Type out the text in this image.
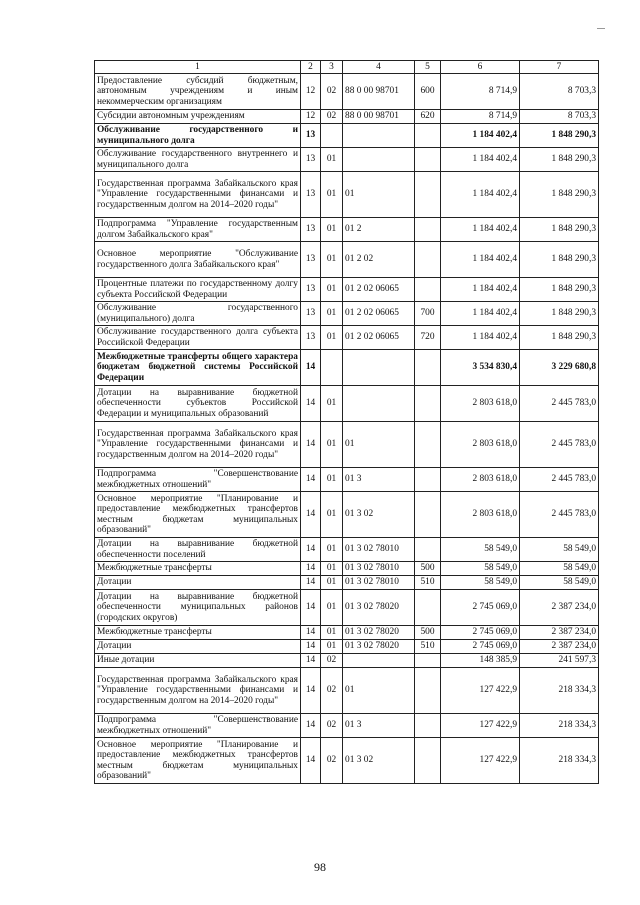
1	2	3	4	5	6	7
Предоставление субсидий бюджетным, автономным учреждениям и иным некоммерческим организациям	12	02	88 0 00 98701	600	8 714,9	8 703,3
Субсидии автономным учреждениям	12	02	88 0 00 98701	620	8 714,9	8 703,3
Обслуживание государственного и муниципального долга	13				1 184 402,4	1 848 290,3
Обслуживание государственного внутреннего и муниципального долга	13	01			1 184 402,4	1 848 290,3
Государственная программа Забайкальского края "Управление государственными финансами и государственным долгом на 2014–2020 годы"	13	01	01		1 184 402,4	1 848 290,3
Подпрограмма "Управление государственным долгом Забайкальского края"	13	01	01 2		1 184 402,4	1 848 290,3
Основное мероприятие "Обслуживание государственного долга Забайкальского края"	13	01	01 2 02		1 184 402,4	1 848 290,3
Процентные платежи по государственному долгу субъекта Российской Федерации	13	01	01 2 02 06065		1 184 402,4	1 848 290,3
Обслуживание государственного (муниципального) долга	13	01	01 2 02 06065	700	1 184 402,4	1 848 290,3
Обслуживание государственного долга субъекта Российской Федерации	13	01	01 2 02 06065	720	1 184 402,4	1 848 290,3
Межбюджетные трансферты общего характера бюджетам бюджетной системы Российской Федерации	14				3 534 830,4	3 229 680,8
Дотации на выравнивание бюджетной обеспеченности субъектов Российской Федерации и муниципальных образований	14	01			2 803 618,0	2 445 783,0
Государственная программа Забайкальского края "Управление государственными финансами и государственным долгом на 2014–2020 годы"	14	01	01		2 803 618,0	2 445 783,0
Подпрограмма "Совершенствование межбюджетных отношений"	14	01	01 3		2 803 618,0	2 445 783,0
Основное мероприятие "Планирование и предоставление межбюджетных трансфертов местным бюджетам муниципальных образований"	14	01	01 3 02		2 803 618,0	2 445 783,0
Дотации на выравнивание бюджетной обеспеченности поселений	14	01	01 3 02 78010		58 549,0	58 549,0
Межбюджетные трансферты	14	01	01 3 02 78010	500	58 549,0	58 549,0
Дотации	14	01	01 3 02 78010	510	58 549,0	58 549,0
Дотации на выравнивание бюджетной обеспеченности муниципальных районов (городских округов)	14	01	01 3 02 78020		2 745 069,0	2 387 234,0
Межбюджетные трансферты	14	01	01 3 02 78020	500	2 745 069,0	2 387 234,0
Дотации	14	01	01 3 02 78020	510	2 745 069,0	2 387 234,0
Иные дотации	14	02			148 385,9	241 597,3
Государственная программа Забайкальского края "Управление государственными финансами и государственным долгом на 2014–2020 годы"	14	02	01		127 422,9	218 334,3
Подпрограмма "Совершенствование межбюджетных отношений"	14	02	01 3		127 422,9	218 334,3
Основное мероприятие "Планирование и предоставление межбюджетных трансфертов местным бюджетам муниципальных образований"	14	02	01 3 02		127 422,9	218 334,3
98
